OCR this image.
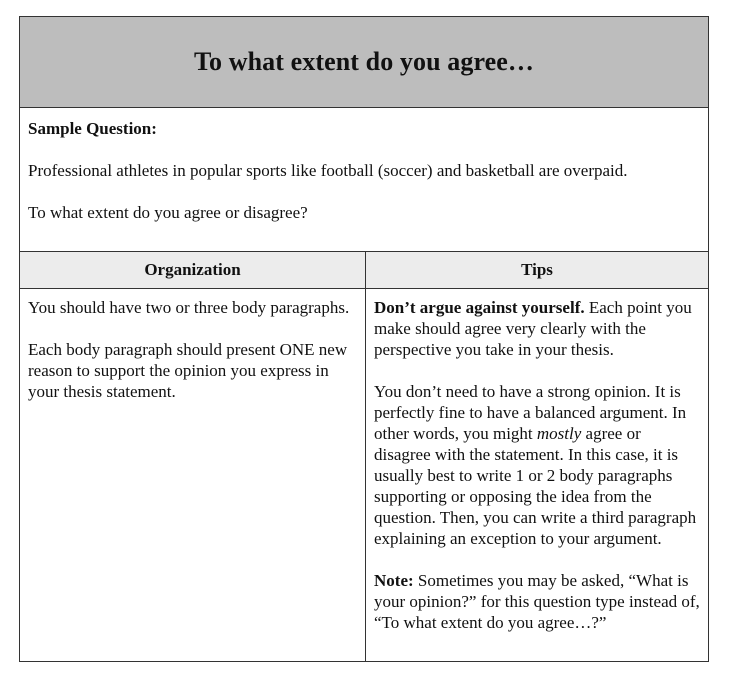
To what extent do you agree…

Sample Question:

Professional athletes in popular sports like football (soccer) and basketball are overpaid.

To what extent do you agree or disagree?

Organization	Tips

You should have two or three body paragraphs.

Each body paragraph should present ONE new reason to support the opinion you express in your thesis statement.

Don’t argue against yourself. Each point you make should agree very clearly with the perspective you take in your thesis.

You don’t need to have a strong opinion. It is perfectly fine to have a balanced argument. In other words, you might mostly agree or disagree with the statement. In this case, it is usually best to write 1 or 2 body paragraphs supporting or opposing the idea from the question. Then, you can write a third paragraph explaining an exception to your argument.

Note: Sometimes you may be asked, “What is your opinion?” for this question type instead of, “To what extent do you agree…?”
